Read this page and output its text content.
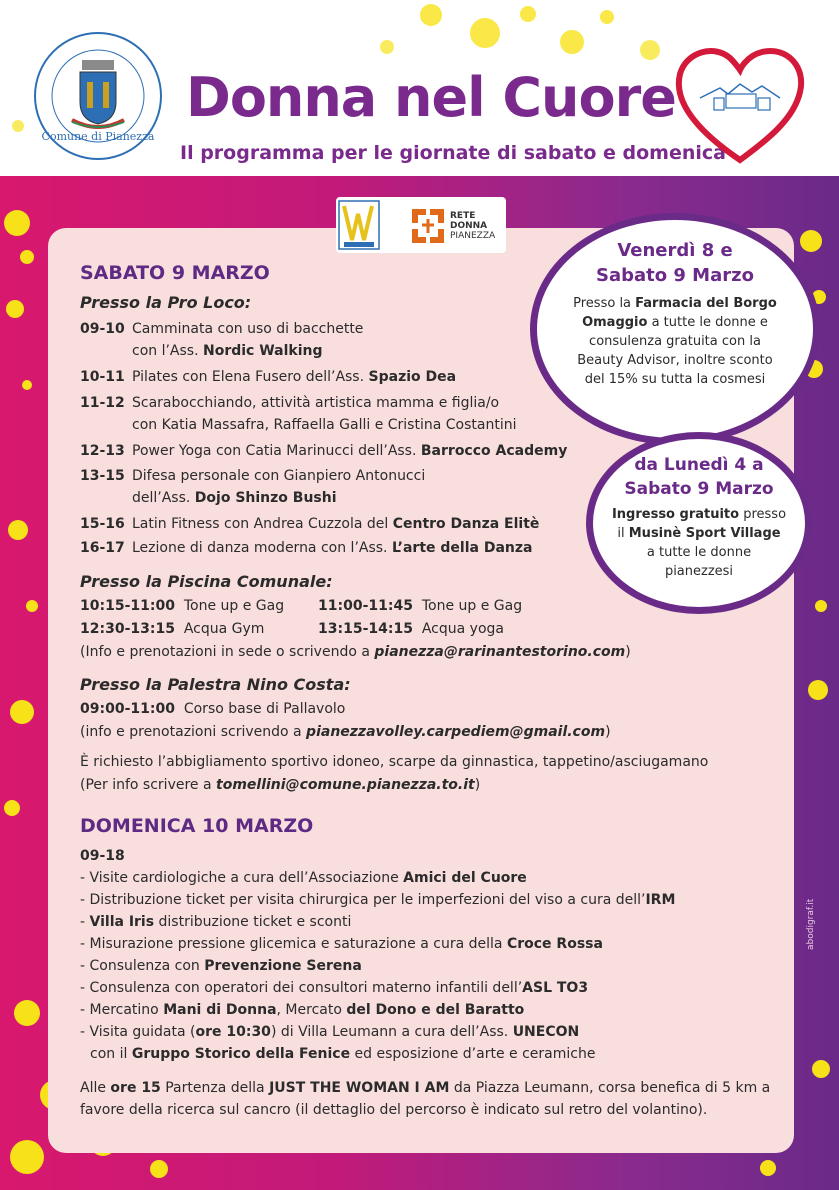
Comune di Pianezza
Donna nel Cuore
Il programma per le giornate di sabato e domenica
RETE
DONNA
PIANEZZA
SABATO 9 MARZO
Presso la Pro Loco:
09-10 Camminata con uso di bacchette
con l’Ass. Nordic Walking
10-11 Pilates con Elena Fusero dell’Ass. Spazio Dea
11-12 Scarabocchiando, attività artistica mamma e figlia/o
con Katia Massafra, Raffaella Galli e Cristina Costantini
12-13 Power Yoga con Catia Marinucci dell’Ass. Barrocco Academy
13-15 Difesa personale con Gianpiero Antonucci
dell’Ass. Dojo Shinzo Bushi
15-16 Latin Fitness con Andrea Cuzzola del Centro Danza Elitè
16-17 Lezione di danza moderna con l’Ass. L’arte della Danza
Presso la Piscina Comunale:
10:15-11:00 Tone up e Gag 11:00-11:45 Tone up e Gag
12:30-13:15 Acqua Gym	13:15-14:15 Acqua yoga
(Info e prenotazioni in sede o scrivendo a pianezza@rarinantestorino.com)
Presso la Palestra Nino Costa:
09:00-11:00 Corso base di Pallavolo
(info e prenotazioni scrivendo a pianezzavolley.carpediem@gmail.com)
È richiesto l’abbigliamento sportivo idoneo, scarpe da ginnastica, tappetino/asciugamano
(Per info scrivere a tomellini@comune.pianezza.to.it)
DOMENICA 10 MARZO
09-18
- Visite cardiologiche a cura dell’Associazione Amici del Cuore
- Distribuzione ticket per visita chirurgica per le imperfezioni del viso a cura dell’IRM
- Villa Iris distribuzione ticket e sconti
- Misurazione pressione glicemica e saturazione a cura della Croce Rossa
- Consulenza con Prevenzione Serena
- Consulenza con operatori dei consultori materno infantili dell’ASL TO3
- Mercatino Mani di Donna, Mercato del Dono e del Baratto
- Visita guidata (ore 10:30) di Villa Leumann a cura dell’Ass. UNECON
con il Gruppo Storico della Fenice ed esposizione d’arte e ceramiche
Alle ore 15 Partenza della JUST THE WOMAN I AM da Piazza Leumann, corsa benefica di 5 km a
favore della ricerca sul cancro (il dettaglio del percorso è indicato sul retro del volantino).
Venerdì 8 e
Sabato 9 Marzo
Presso la Farmacia del Borgo
Omaggio a tutte le donne e
consulenza gratuita con la
Beauty Advisor, inoltre sconto
del 15% su tutta la cosmesi
da Lunedì 4 a
Sabato 9 Marzo
Ingresso gratuito presso
il Musinè Sport Village
a tutte le donne
pianezzesi
abodigraf.it
